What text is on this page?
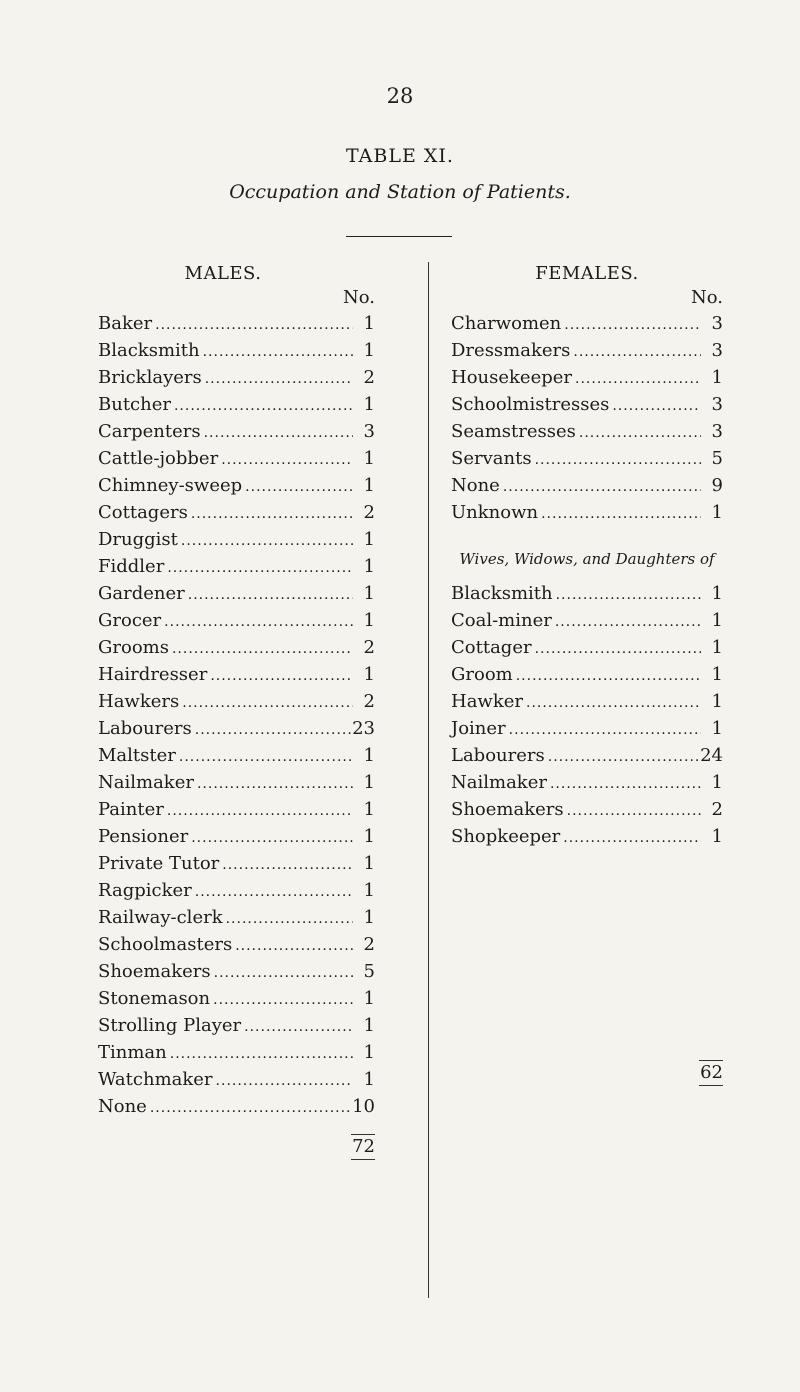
28
TABLE XI.
Occupation and Station of Patients.
MALES.
No.
Baker .....	1
Blacksmith .....	1
Bricklayers .....	2
Butcher .....	1
Carpenters .....	3
Cattle-jobber .....	1
Chimney-sweep .....	1
Cottagers .....	2
Druggist .....	1
Fiddler .....	1
Gardener .....	1
Grocer .....	1
Grooms .....	2
Hairdresser .....	1
Hawkers .....	2
Labourers .....	23
Maltster .....	1
Nailmaker .....	1
Painter .....	1
Pensioner .....	1
Private Tutor .....	1
Ragpicker .....	1
Railway-clerk .....	1
Schoolmasters .....	2
Shoemakers .....	5
Stonemason .....	1
Strolling Player .....	1
Tinman .....	1
Watchmaker .....	1
None .....	10
72
FEMALES.
No.
Charwomen .....	3
Dressmakers .....	3
Housekeeper .....	1
Schoolmistresses .....	3
Seamstresses .....	3
Servants .....	5
None .....	9
Unknown .....	1
Wives, Widows, and Daughters of
Blacksmith .....	1
Coal-miner .....	1
Cottager .....	1
Groom .....	1
Hawker .....	1
Joiner .....	1
Labourers .....	24
Nailmaker .....	1
Shoemakers .....	2
Shopkeeper .....	1
62
